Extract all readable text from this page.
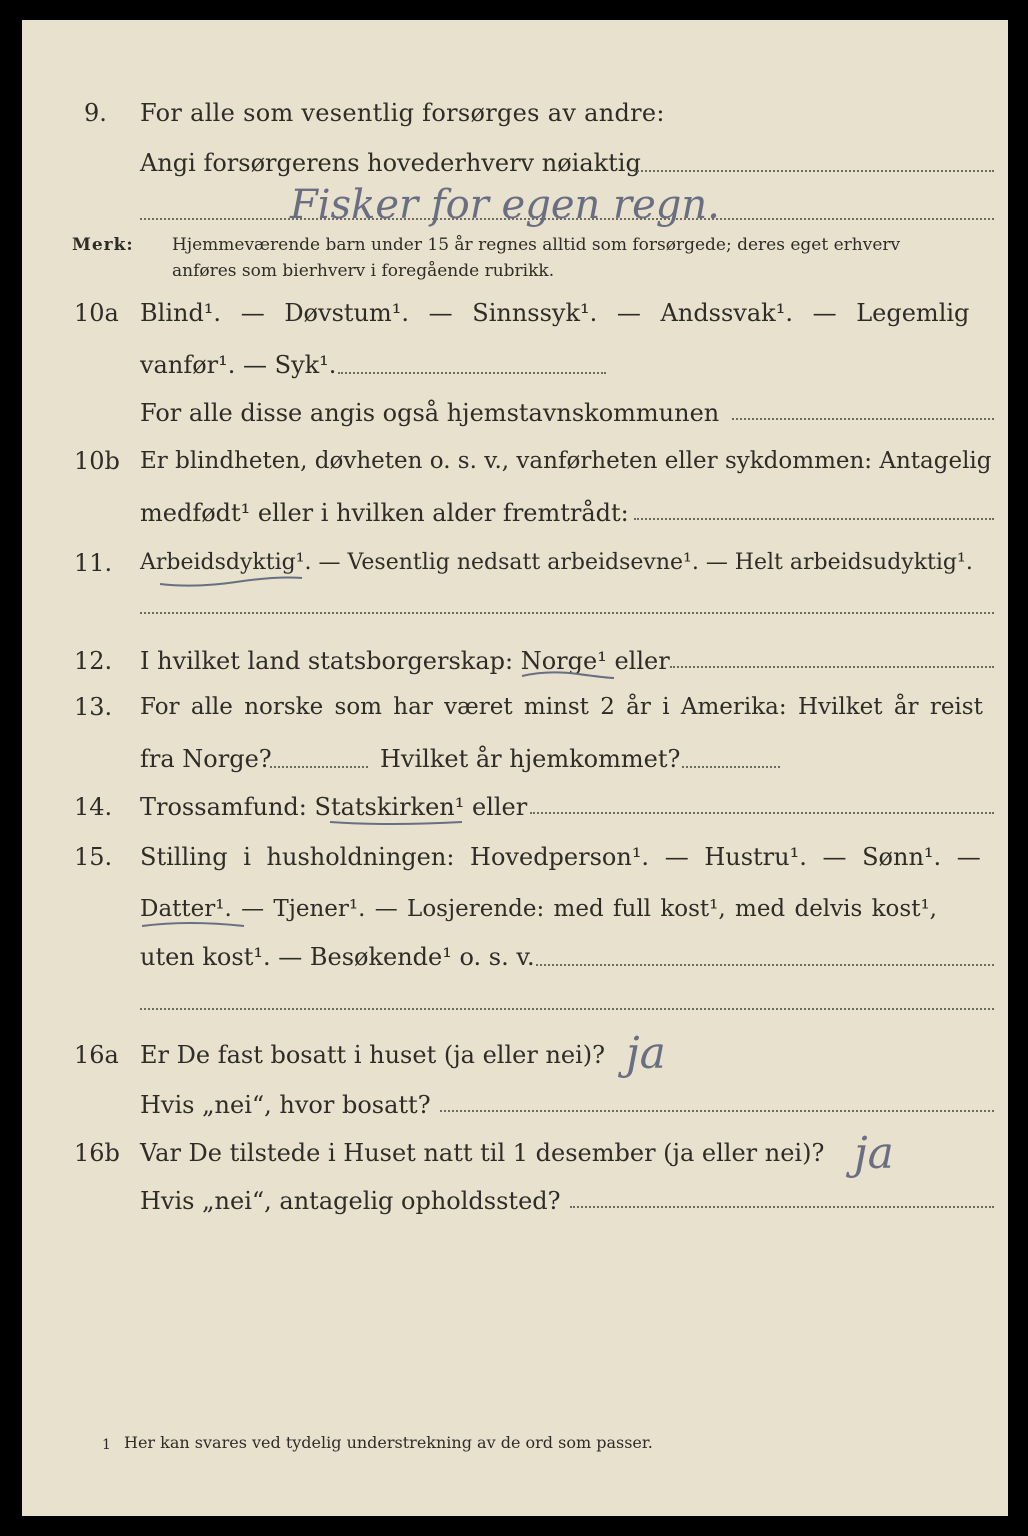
9. For alle som vesentlig forsørges av andre:
Angi forsørgerens hovederhverv nøiaktig
Fisker for egen regn.
Merk: Hjemmeværende barn under 15 år regnes alltid som forsørgede; deres eget erhverv
anføres som bierhverv i foregående rubrikk.
10a Blind¹. — Døvstum¹. — Sinnssyk¹. — Andssvak¹. — Legemlig
vanfør¹. — Syk¹.
For alle disse angis også hjemstavnskommunen
10b Er blindheten, døvheten o. s. v., vanførheten eller sykdommen: Antagelig
medfødt¹ eller i hvilken alder fremtrådt:
11. Arbeidsdyktig¹. — Vesentlig nedsatt arbeidsevne¹. — Helt arbeidsudyktig¹.
12. I hvilket land statsborgerskap: Norge¹ eller
13. For alle norske som har været minst 2 år i Amerika: Hvilket år reist
fra Norge?	Hvilket år hjemkommet?
14. Trossamfund: Statskirken¹ eller
15. Stilling i husholdningen: Hovedperson¹. — Hustru¹. — Sønn¹. —
Datter¹. — Tjener¹. — Losjerende: med full kost¹, med delvis kost¹,
uten kost¹. — Besøkende¹ o. s. v.
16a Er De fast bosatt i huset (ja eller nei)? ja
Hvis „nei“, hvor bosatt?
16b Var De tilstede i Huset natt til 1 desember (ja eller nei)? ja
Hvis „nei“, antagelig opholdssted?
1 Her kan svares ved tydelig understrekning av de ord som passer.
